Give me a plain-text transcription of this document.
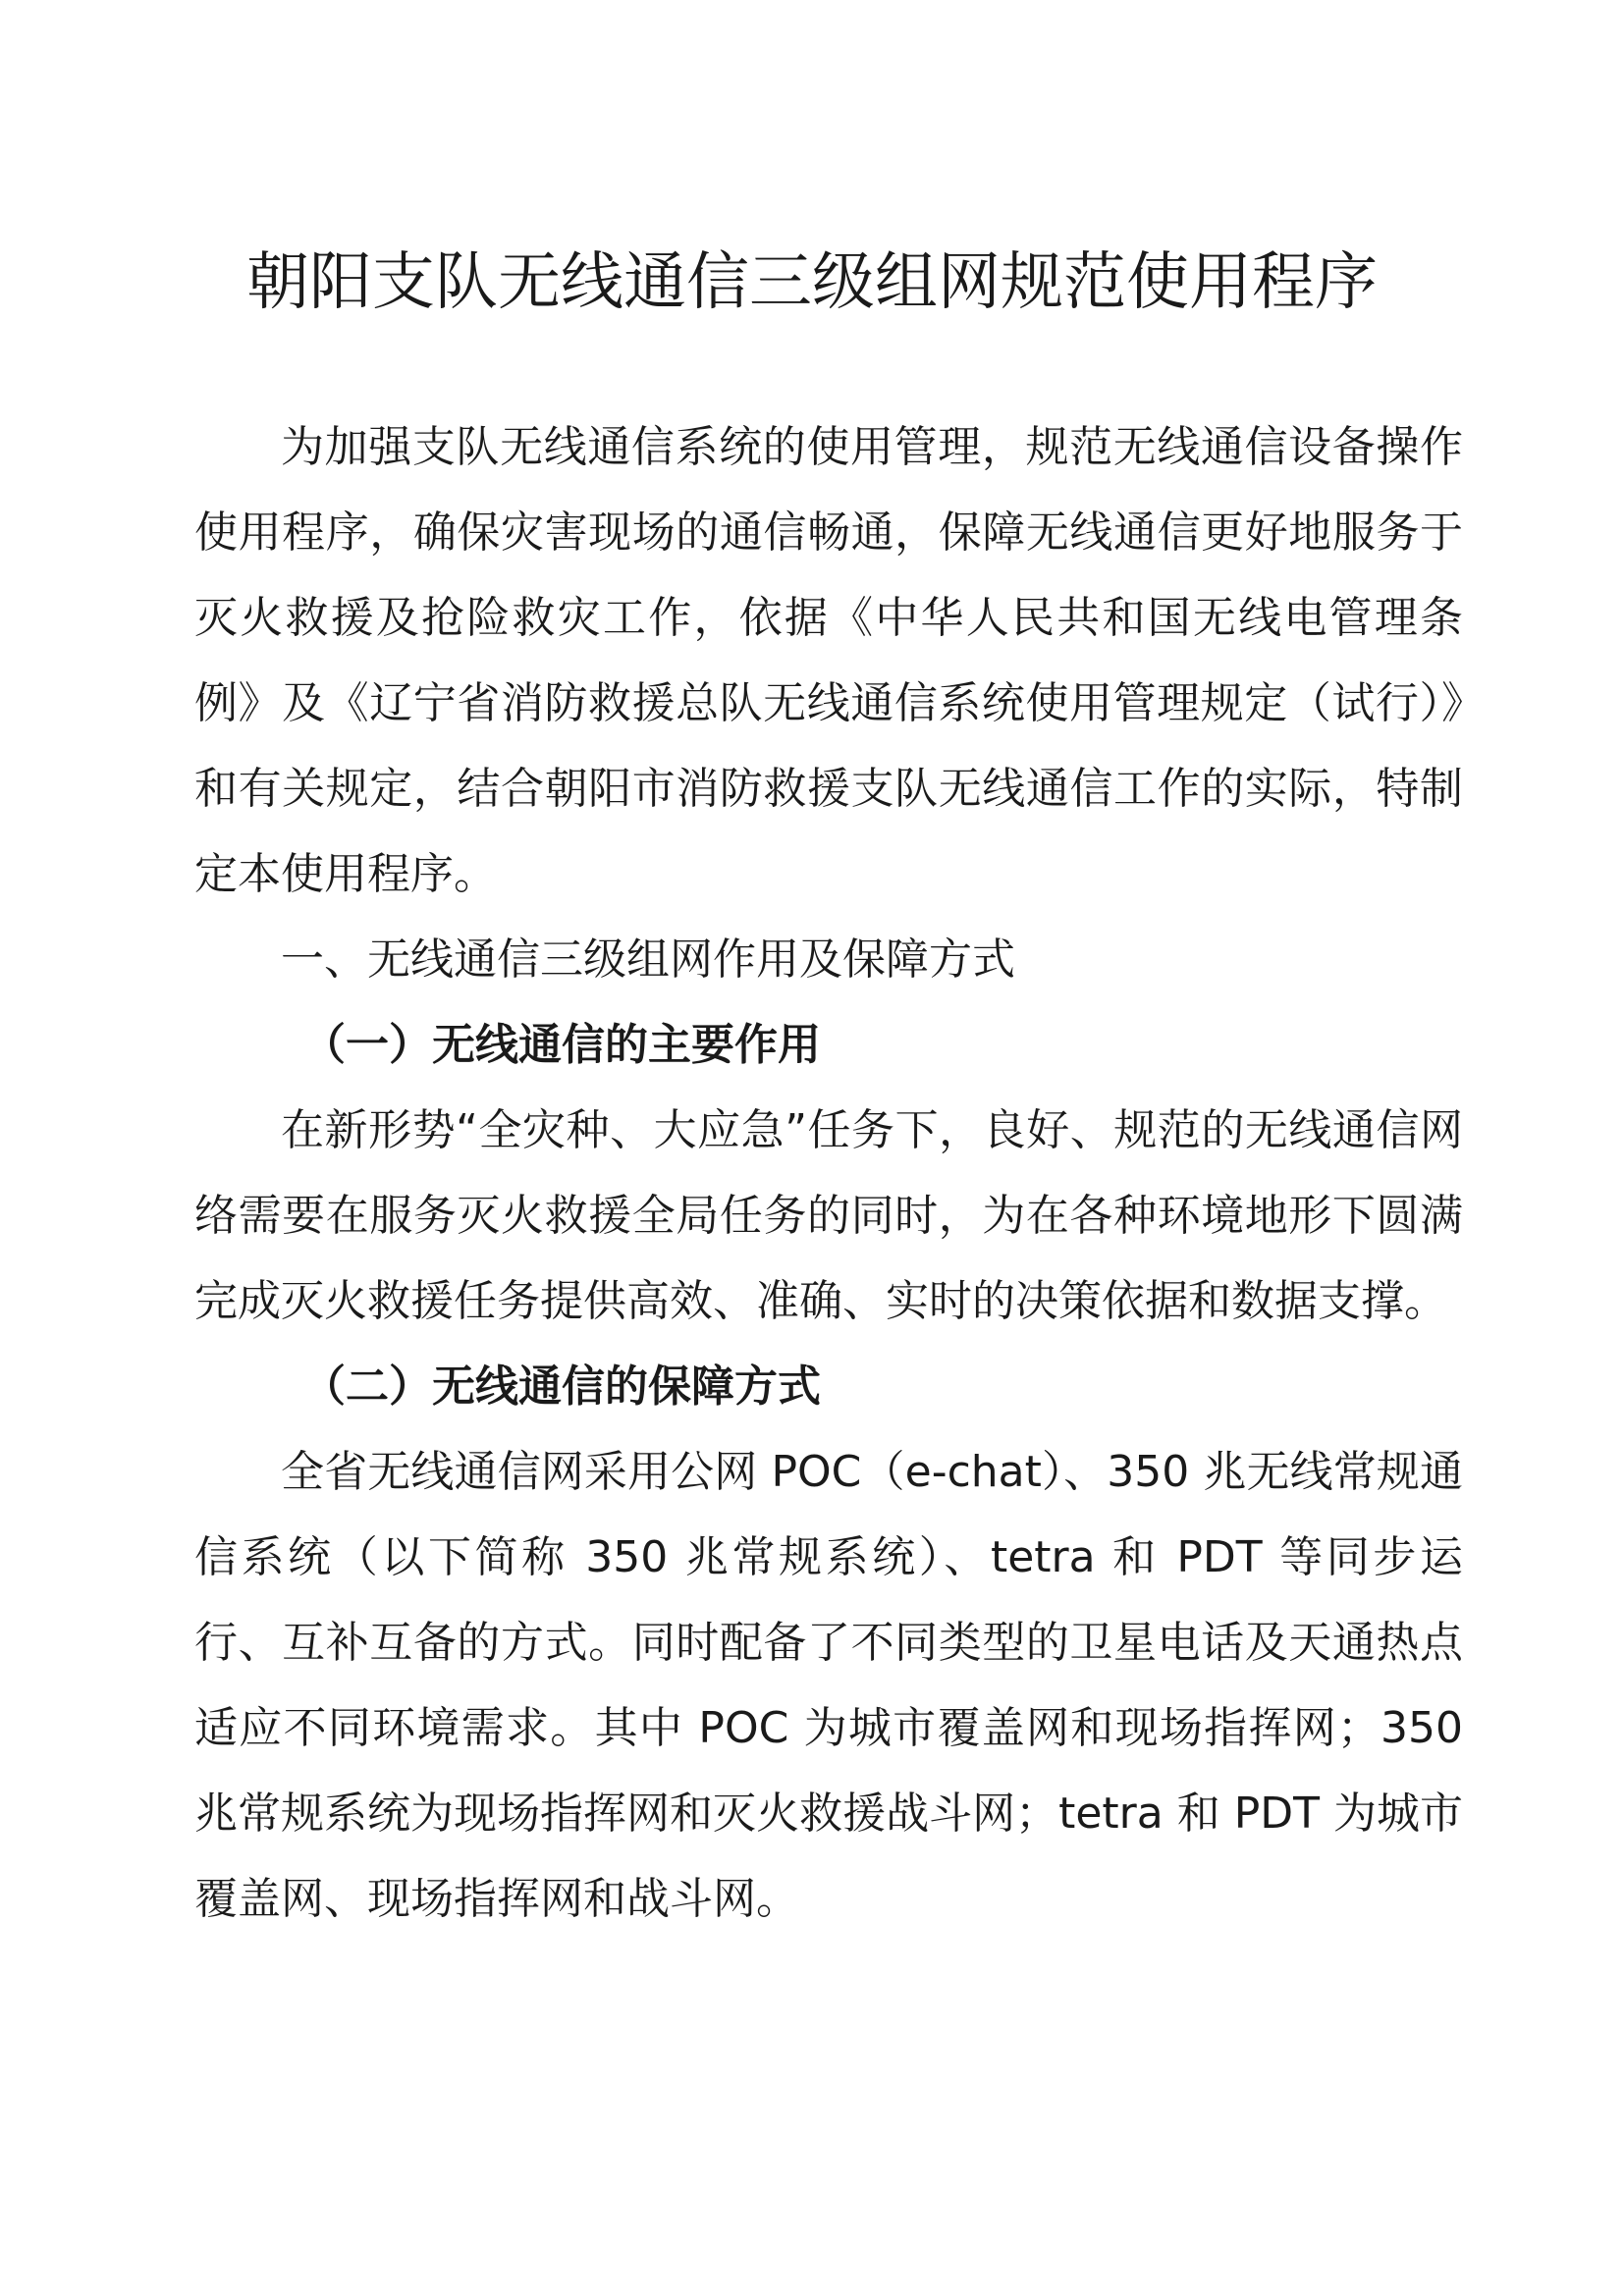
朝阳支队无线通信三级组网规范使用程序

为加强支队无线通信系统的使用管理，规范无线通信设备操作使用程序，确保灾害现场的通信畅通，保障无线通信更好地服务于灭火救援及抢险救灾工作，依据《中华人民共和国无线电管理条例》及《辽宁省消防救援总队无线通信系统使用管理规定（试行）》和有关规定，结合朝阳市消防救援支队无线通信工作的实际，特制定本使用程序。

一、无线通信三级组网作用及保障方式

（一）无线通信的主要作用

在新形势“全灾种、大应急”任务下，良好、规范的无线通信网络需要在服务灭火救援全局任务的同时，为在各种环境地形下圆满完成灭火救援任务提供高效、准确、实时的决策依据和数据支撑。

（二）无线通信的保障方式

全省无线通信网采用公网 POC（e-chat）、350 兆无线常规通信系统（以下简称 350 兆常规系统）、tetra 和 PDT 等同步运行、互补互备的方式。同时配备了不同类型的卫星电话及天通热点适应不同环境需求。其中 POC 为城市覆盖网和现场指挥网；350 兆常规系统为现场指挥网和灭火救援战斗网；tetra 和 PDT 为城市覆盖网、现场指挥网和战斗网。
